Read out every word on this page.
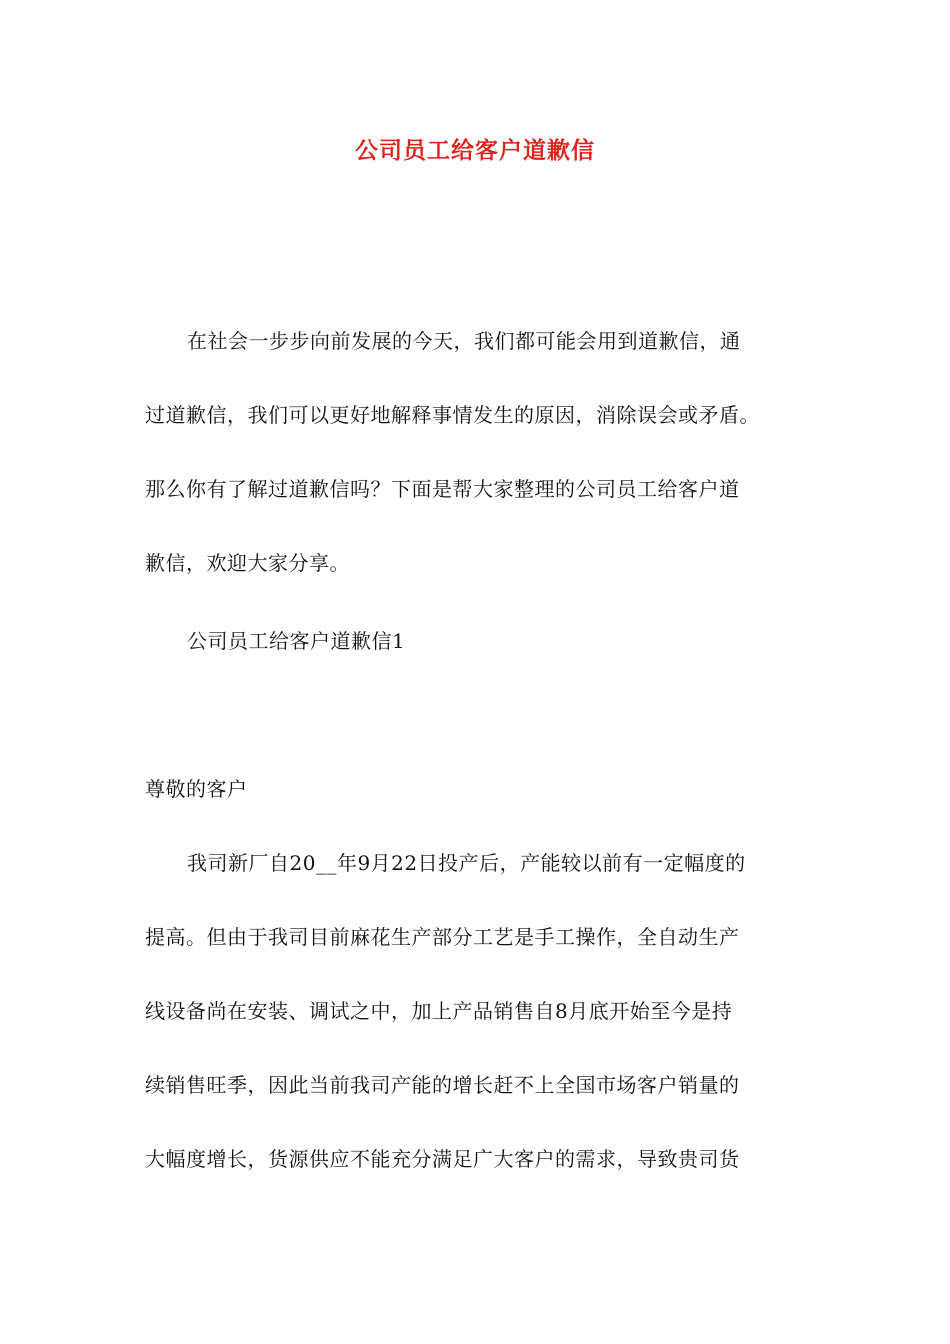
公司员工给客户道歉信
在社会一步步向前发展的今天，我们都可能会用到道歉信，通
过道歉信，我们可以更好地解释事情发生的原因，消除误会或矛盾。
那么你有了解过道歉信吗？下面是帮大家整理的公司员工给客户道
歉信，欢迎大家分享。
公司员工给客户道歉信1
尊敬的客户
我司新厂自20__年9月22日投产后，产能较以前有一定幅度的
提高。但由于我司目前麻花生产部分工艺是手工操作，全自动生产
线设备尚在安装、调试之中，加上产品销售自8月底开始至今是持
续销售旺季，因此当前我司产能的增长赶不上全国市场客户销量的
大幅度增长，货源供应不能充分满足广大客户的需求，导致贵司货
